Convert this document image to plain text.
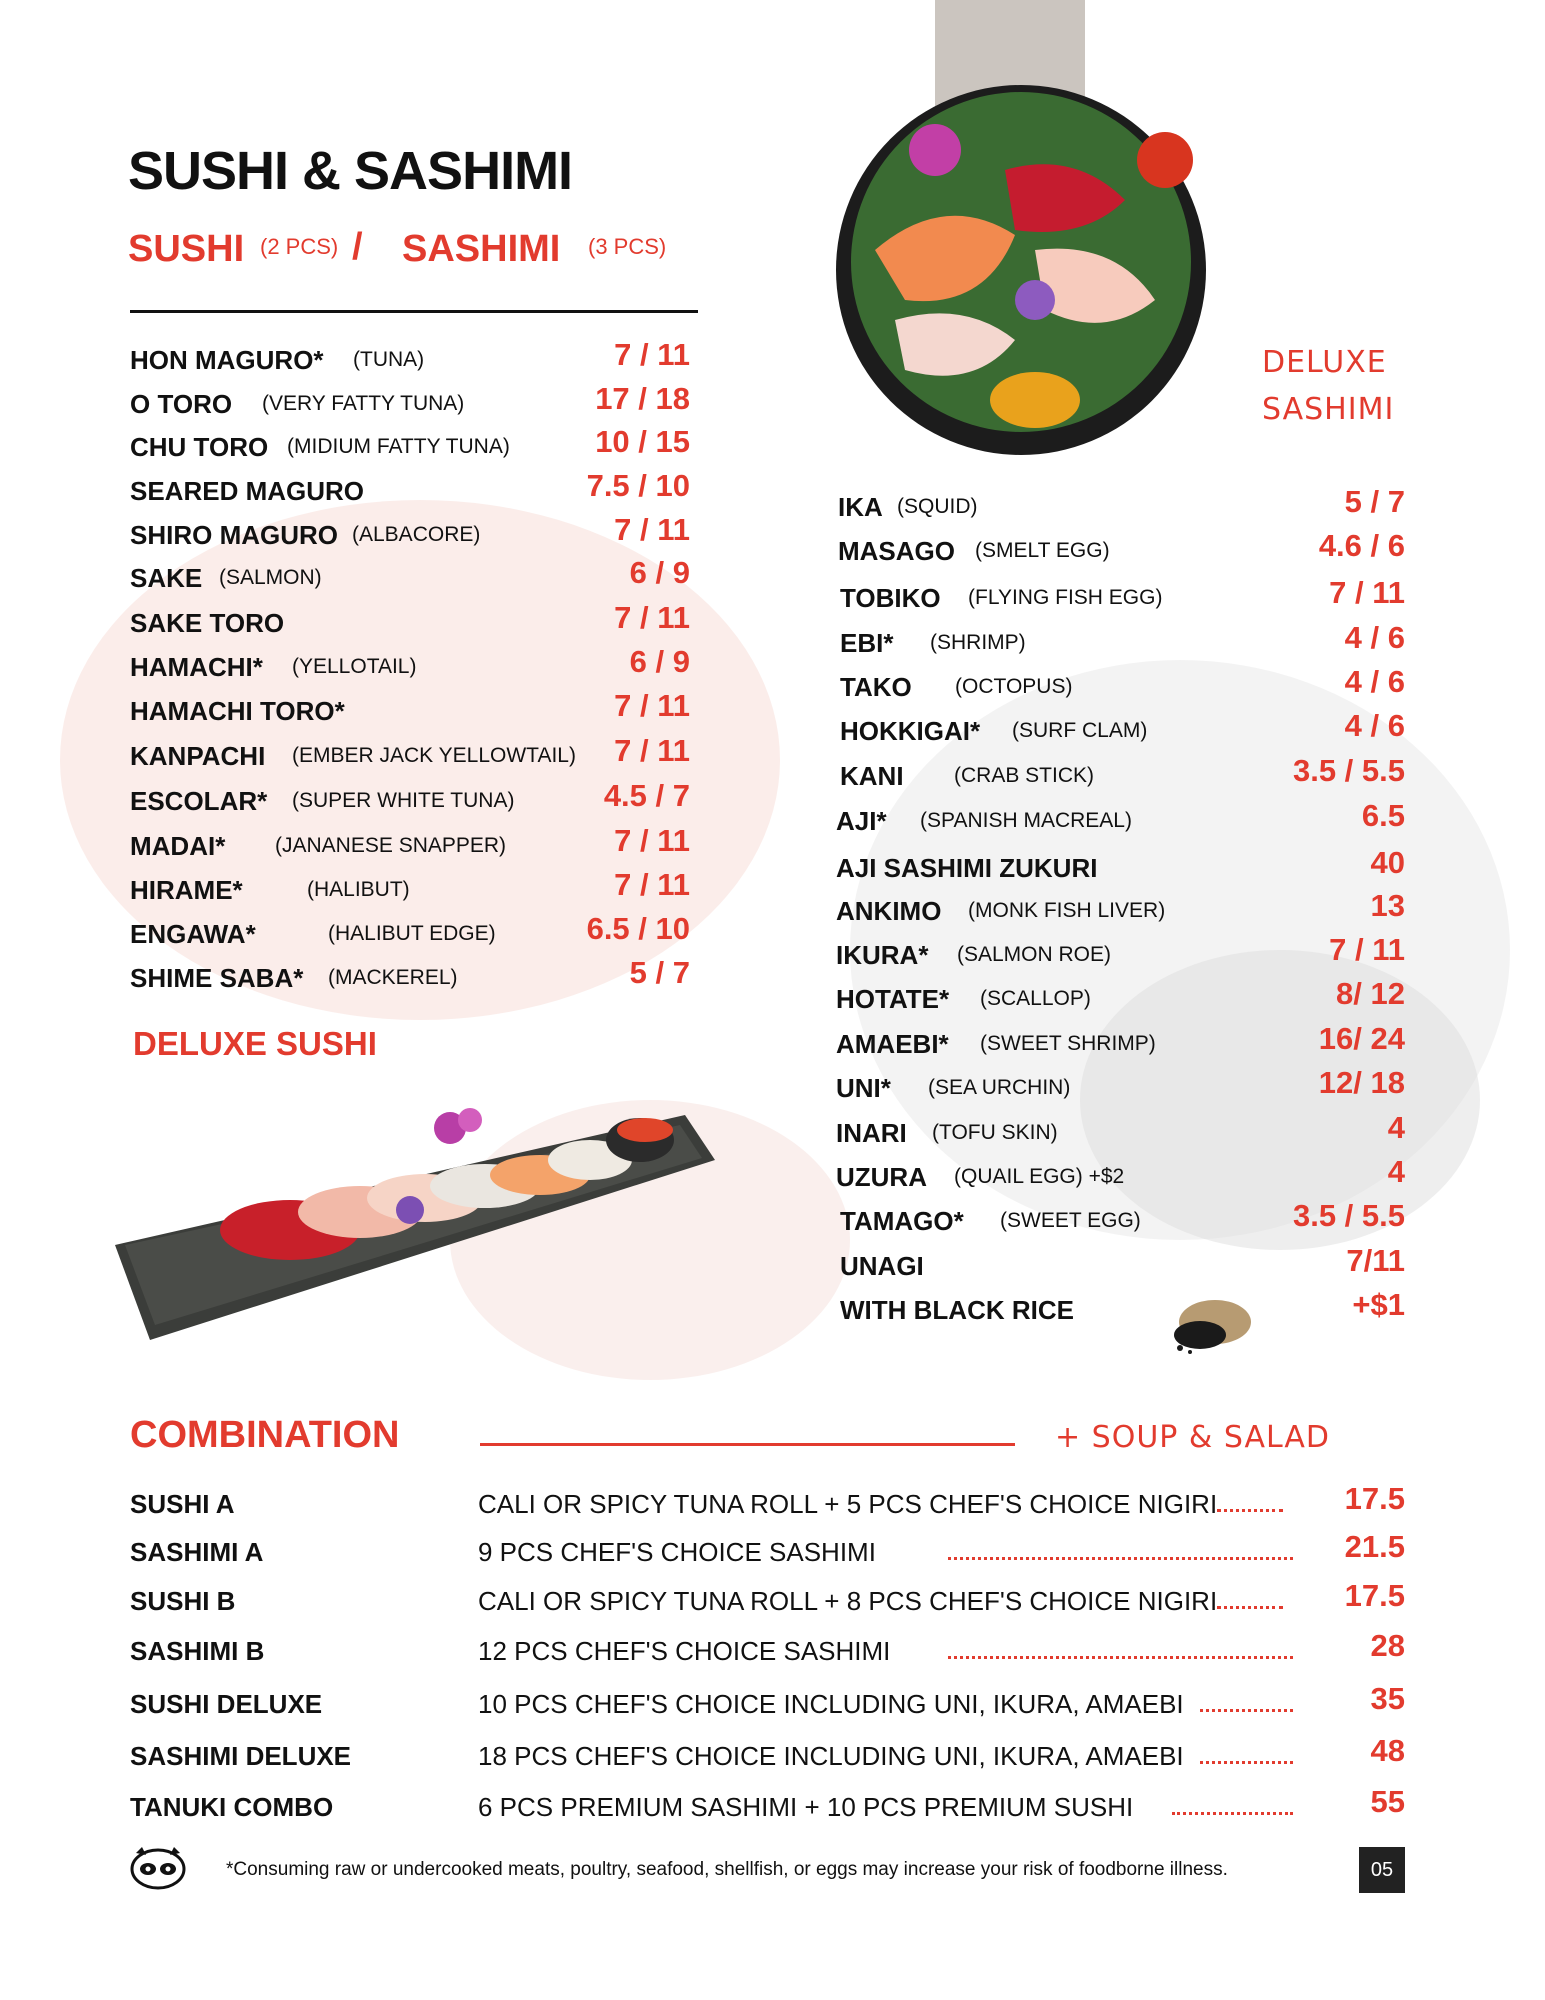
SUSHI & SASHIMI
SUSHI (2 PCS) / SASHIMI (3 PCS)
HON MAGURO* (TUNA)	7 / 11
O TORO (VERY FATTY TUNA)	17 / 18
CHU TORO (MIDIUM FATTY TUNA)	10 / 15
SEARED MAGURO	7.5 / 10
SHIRO MAGURO (ALBACORE)	7 / 11
SAKE (SALMON)	6 / 9
SAKE TORO	7 / 11
HAMACHI* (YELLOTAIL)	6 / 9
HAMACHI TORO*	7 / 11
KANPACHI (EMBER JACK YELLOWTAIL) 7 / 11
ESCOLAR* (SUPER WHITE TUNA)	4.5 / 7
MADAI* (JANANESE SNAPPER)	7 / 11
HIRAME*	(HALIBUT)	7 / 11
ENGAWA*	(HALIBUT EDGE)	6.5 / 10
SHIME SABA* (MACKEREL)	5 / 7
DELUXE SUSHI
DELUXE
SASHIMI
IKA (SQUID)	5 / 7
MASAGO (SMELT EGG)	4.6 / 6
TOBIKO (FLYING FISH EGG)	7 / 11
EBI* (SHRIMP)	4 / 6
TAKO (OCTOPUS)	4 / 6
HOKKIGAI* (SURF CLAM)	4 / 6
KANI (CRAB STICK)	3.5 / 5.5
AJI* (SPANISH MACREAL)	6.5
AJI SASHIMI ZUKURI	40
ANKIMO (MONK FISH LIVER)	13
IKURA* (SALMON ROE)	7 / 11
HOTATE* (SCALLOP)	8/ 12
AMAEBI* (SWEET SHRIMP)	16/ 24
UNI* (SEA URCHIN)	12/ 18
INARI (TOFU SKIN)	4
UZURA (QUAIL EGG) +$2	4
TAMAGO* (SWEET EGG)	3.5 / 5.5
UNAGI	7/11
WITH BLACK RICE	+$1
COMBINATION	+ SOUP & SALAD
SUSHI A	CALI OR SPICY TUNA ROLL + 5 PCS CHEF'S CHOICE NIGIRI	17.5
SASHIMI A	9 PCS CHEF'S CHOICE SASHIMI	21.5
SUSHI B	CALI OR SPICY TUNA ROLL + 8 PCS CHEF'S CHOICE NIGIRI	17.5
SASHIMI B	12 PCS CHEF'S CHOICE SASHIMI	28
SUSHI DELUXE	10 PCS CHEF'S CHOICE INCLUDING UNI, IKURA, AMAEBI	35
SASHIMI DELUXE	18 PCS CHEF'S CHOICE INCLUDING UNI, IKURA, AMAEBI	48
TANUKI COMBO	6 PCS PREMIUM SASHIMI + 10 PCS PREMIUM SUSHI	55
*Consuming raw or undercooked meats, poultry, seafood, shellfish, or eggs may increase your risk of foodborne illness.	05
